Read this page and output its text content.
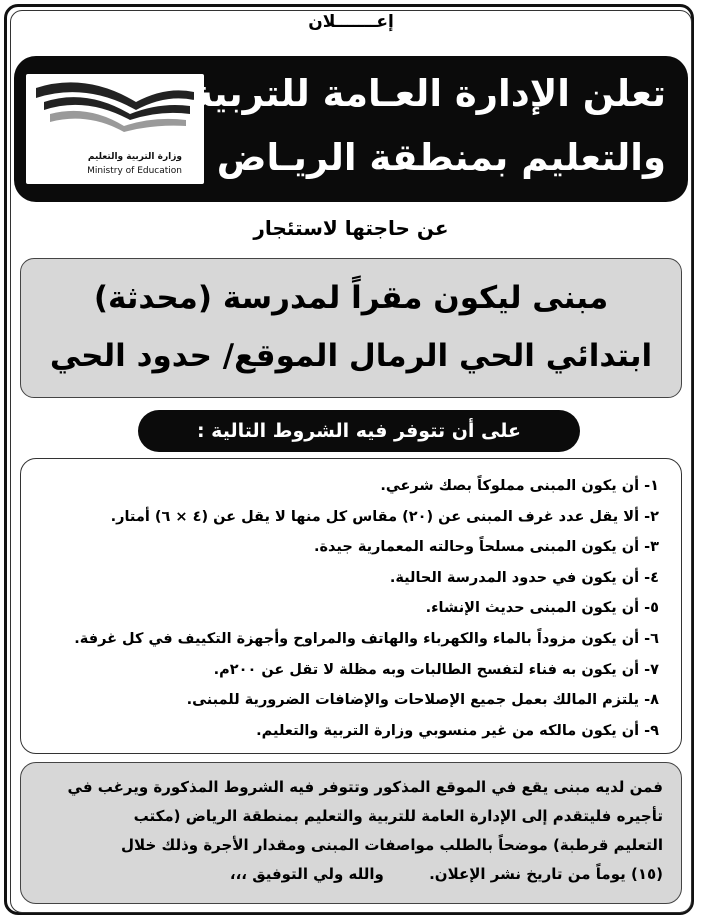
إعـــــــلان
وزارة التربية والتعليم
Ministry of Education
تعلن الإدارة العـامة للتربية
والتعليم بمنطقة الريـاض
عن حاجتها لاستئجار
مبنى ليكون مقراً لمدرسة (محدثة)
ابتدائي الحي الرمال الموقع/ حدود الحي
على أن تتوفر فيه الشروط التالية :
١- أن يكون المبنى مملوكاً بصك شرعي.
٢- ألا يقل عدد غرف المبنى عن (٢٠) مقاس كل منها لا يقل عن (٤ × ٦) أمتار.
٣- أن يكون المبنى مسلحاً وحالته المعمارية جيدة.
٤- أن يكون في حدود المدرسة الحالية.
٥- أن يكون المبنى حديث الإنشاء.
٦- أن يكون مزوداً بالماء والكهرباء والهاتف والمراوح وأجهزة التكييف في كل غرفة.
٧- أن يكون به فناء لتفسح الطالبات وبه مظلة لا تقل عن ٢٠٠م.
٨- يلتزم المالك بعمل جميع الإصلاحات والإضافات الضرورية للمبنى.
٩- أن يكون مالكه من غير منسوبي وزارة التربية والتعليم.
فمن لديه مبنى يقع في الموقع المذكور وتتوفر فيه الشروط المذكورة ويرغب في
تأجيره فليتقدم إلى الإدارة العامة للتربية والتعليم بمنطقة الرياض (مكتب
التعليم قرطبة) موضحاً بالطلب مواصفات المبنى ومقدار الأجرة وذلك خلال
(١٥) يوماً من تاريخ نشر الإعلان. والله ولي التوفيق ،،،
